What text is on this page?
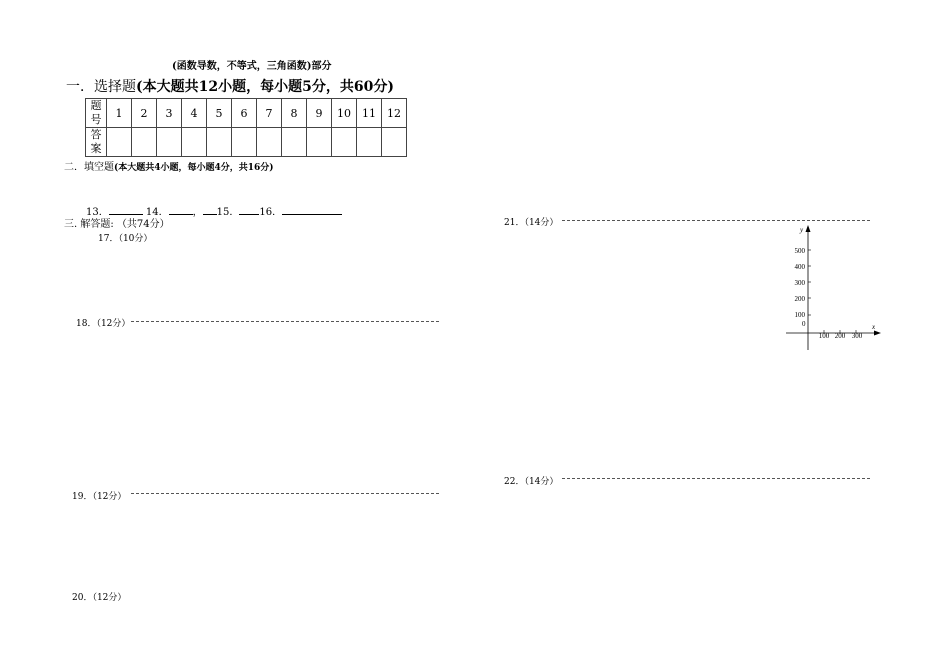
(函数导数，不等式，三角函数)部分
一．选择题(本大题共12小题，每小题5分，共60分)
题
号	1	2	3	4	5	6	7	8	9	10	11	12

答
案												

二．填空题(本大题共4小题，每小题4分，共16分)
13．	14． ， 15． 16．
三. 解答题: （共74分）
17．（10分）
18．（12分）
19．（12分）
20．（12分）
21．（14分）
22．（14分）
y
x
0
500
400
300
200
100
100 200 300
